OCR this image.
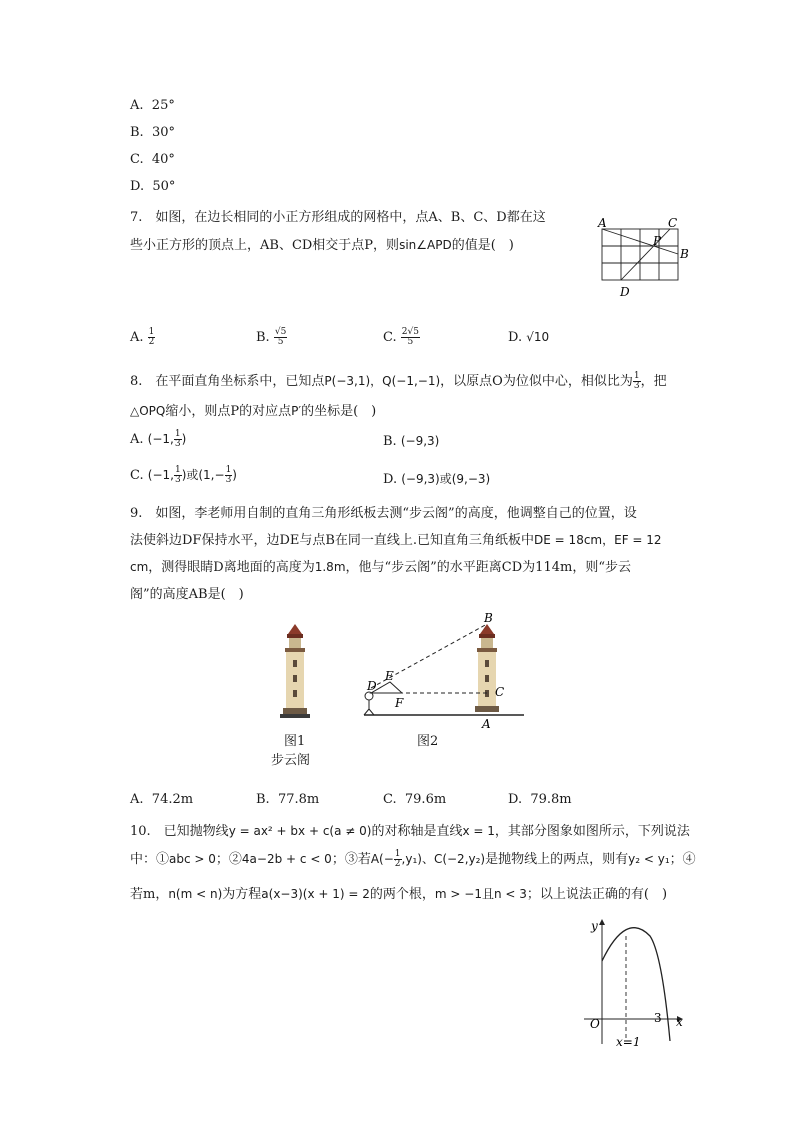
A. 25°
B. 30°
C. 40°
D. 50°
7.　如图，在边长相同的小正方形组成的网格中，点A、B、C、D都在这
些小正方形的顶点上，AB、CD相交于点P，则sin∠APD的值是(　)
A	C
P
B
D
A. $\frac{1}{2}$	B. $\frac{√5}{5}$	C. $\frac{2√5}{5}$	D. √10
8.　在平面直角坐标系中，已知点P(−3,1)，Q(−1,−1)，以原点O为位似中心，相似比为 $\frac{1}{3}$ ，把
△OPQ缩小，则点P的对应点P′的坐标是(　)
A. (−1, $\frac{1}{3}$ )	B. (−9,3)
C. (−1, $\frac{1}{3}$ )或($1,- \frac{1}{3}$ )	D. (−9,3)或(9,−3)
9.　如图，李老师用自制的直角三角形纸板去测“步云阁”的高度，他调整自己的位置，设
法使斜边DF保持水平，边DE与点B在同一直线上.已知直角三角纸板中DE = 18cm，EF = 12
cm，测得眼睛D离地面的高度为1.8m，他与“步云阁”的水平距离CD为114m，则“步云
阁”的高度AB是(　)
图1
步云阁
B
E
D
F
C
A
图2
A. 74.2m	B. 77.8m	C. 79.6m	D. 79.8m
10.　已知抛物线y = ax² + bx + c(a ≠ 0)的对称轴是直线x = 1，其部分图象如图所示，下列说法
中：①abc > 0；②4a−2b + c < 0；③若$A(- \frac{1}{2} ,y_1)$、C(−2,y₂)是抛物线上的两点，则有y₂ < y₁；④
若m，n(m < n)为方程a(x−3)(x + 1) = 2的两个根，m > −1且n < 3；以上说法正确的有(　)
y
x
O	3
x=1
